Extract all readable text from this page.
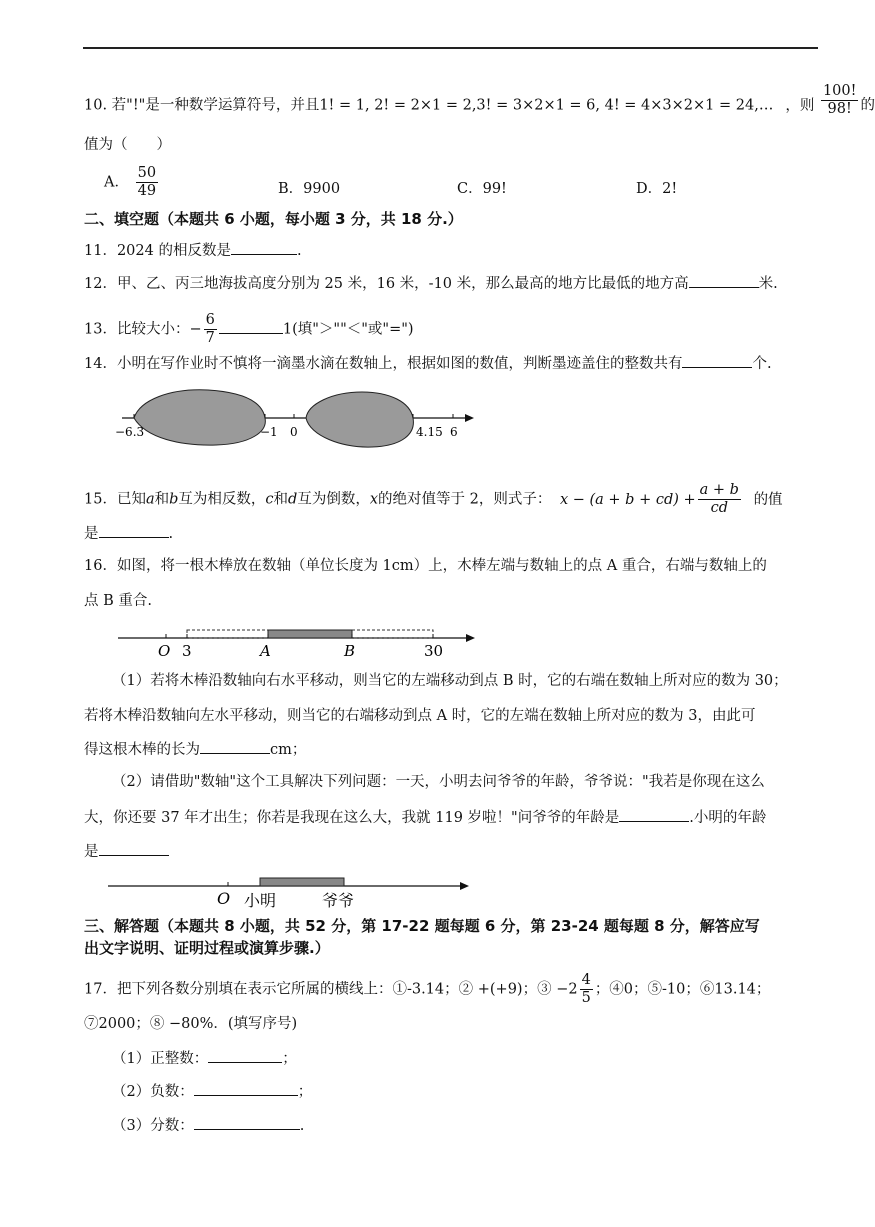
10. 若"!"是一种数学运算符号，并且1! = 1, 2! = 2×1 = 2,3! = 3×2×1 = 6, 4! = 4×3×2×1 = 24,… ，则 $\frac{100!}{98!}$ 的
值为（　　）
A． $\frac{50}{49}$	B．9900	C．99!	D．2!
二、填空题（本题共 6 小题，每小题 3 分，共 18 分.）
11．2024 的相反数是	.
12．甲、乙、丙三地海拔高度分别为 25 米，16 米，-10 米，那么最高的地方比最低的地方高	米.
13．比较大小：− $\frac{6}{7}$	1(填"＞""＜"或"=")
14．小明在写作业时不慎将一滴墨水滴在数轴上，根据如图的数值，判断墨迹盖住的整数共有	个.
−6.3	−1 0	4.15 6
15．已知a和b互为相反数，c和d互为倒数，x的绝对值等于 2，则式子： $x - (a + b + cd) + \frac{a + b}{cd}$ 的值
是	.
16．如图，将一根木棒放在数轴（单位长度为 1cm）上，木棒左端与数轴上的点 A 重合，右端与数轴上的
点 B 重合.
O 3	A	B	30
（1）若将木棒沿数轴向右水平移动，则当它的左端移动到点 B 时，它的右端在数轴上所对应的数为 30；
若将木棒沿数轴向左水平移动，则当它的右端移动到点 A 时，它的左端在数轴上所对应的数为 3，由此可
得这根木棒的长为	cm；
（2）请借助"数轴"这个工具解决下列问题：一天，小明去问爷爷的年龄，爷爷说："我若是你现在这么
大，你还要 37 年才出生；你若是我现在这么大，我就 119 岁啦！"问爷爷的年龄是	.小明的年龄
是
O 小明	爷爷
三、解答题（本题共 8 小题，共 52 分，第 17-22 题每题 6 分，第 23-24 题每题 8 分，解答应写
出文字说明、证明过程或演算步骤.）
17．把下列各数分别填在表示它所属的横线上：①-3.14；② +(+9)；③ $-2 \frac{4}{5}$ ；④0；⑤-10；⑥13.14；
⑦2000；⑧ −80%．(填写序号)
（1）正整数：	；
（2）负数：	；
（3）分数：	.
